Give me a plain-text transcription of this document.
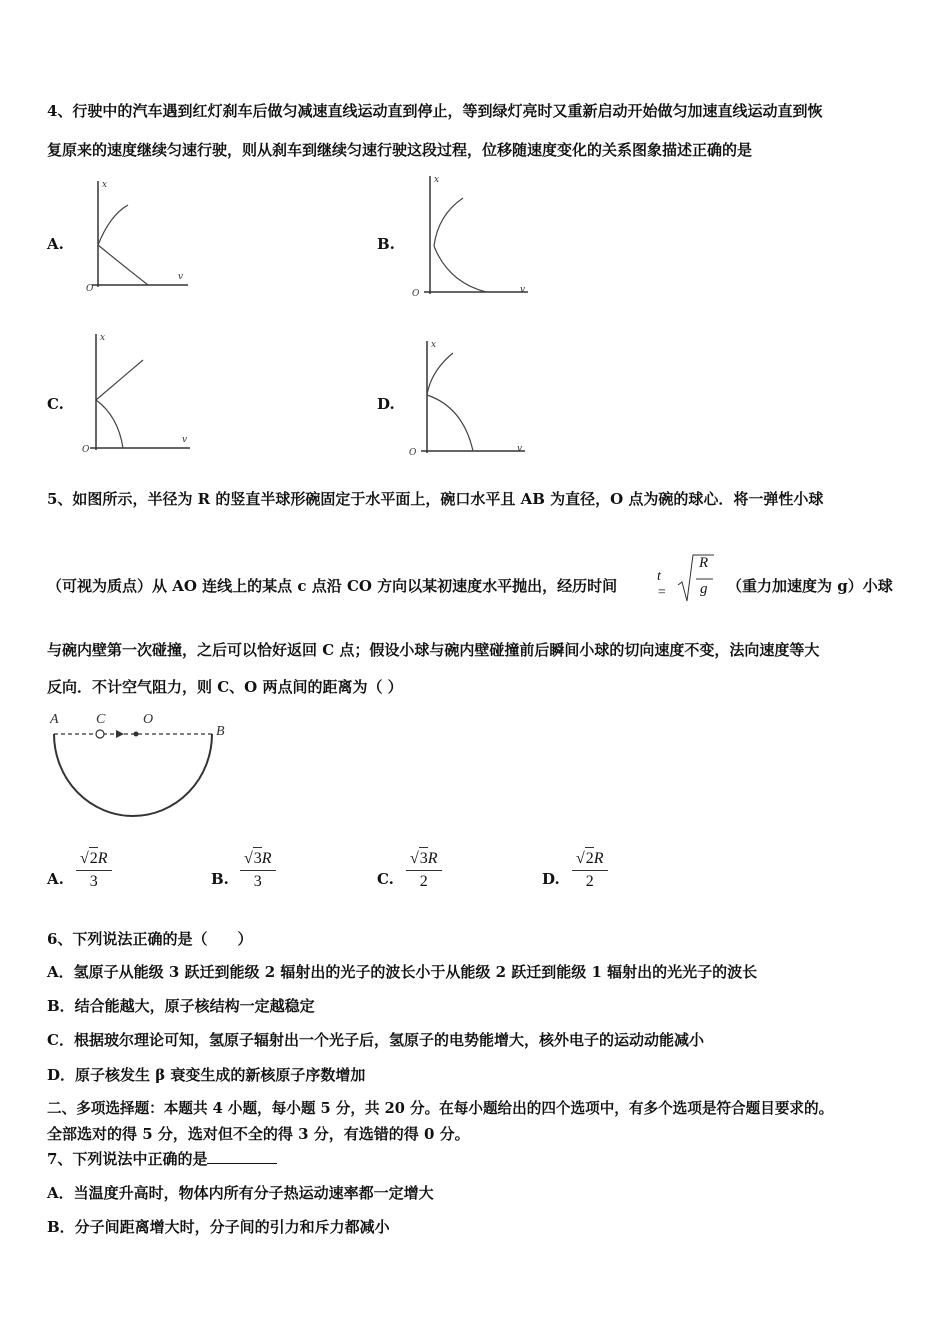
4、行驶中的汽车遇到红灯刹车后做匀减速直线运动直到停止，等到绿灯亮时又重新启动开始做匀加速直线运动直到恢
复原来的速度继续匀速行驶，则从刹车到继续匀速行驶这段过程，位移随速度变化的关系图象描述正确的是
A.
x
v
O
B.
x
v
O
C.
x
v
O
D.
x
v
O
5、如图所示，半径为 R 的竖直半球形碗固定于水平面上，碗口水平且 AB 为直径，O 点为碗的球心．将一弹性小球
（可视为质点）从 AO 连线上的某点 c 点沿 CO 方向以某初速度水平抛出，经历时间
t =
R
g （重力加速度为 g）小球
与碗内壁第一次碰撞，之后可以恰好返回 C 点；假设小球与碗内壁碰撞前后瞬间小球的切向速度不变，法向速度等大
反向．不计空气阻力，则 C、O 两点间的距离为（ ）
A	C	O
B
A. $\frac{√2R}{3}$	B. $\frac{√3R}{3}$	C. $\frac{√3R}{2}$	D. $\frac{√2R}{2}$
6、下列说法正确的是（　　）
A．氢原子从能级 3 跃迁到能级 2 辐射出的光子的波长小于从能级 2 跃迁到能级 1 辐射出的光光子的波长
B．结合能越大，原子核结构一定越稳定
C．根据玻尔理论可知，氢原子辐射出一个光子后，氢原子的电势能增大，核外电子的运动动能减小
D．原子核发生 β 衰变生成的新核原子序数增加
二、多项选择题：本题共 4 小题，每小题 5 分，共 20 分。在每小题给出的四个选项中，有多个选项是符合题目要求的。
全部选对的得 5 分，选对但不全的得 3 分，有选错的得 0 分。
7、下列说法中正确的是
A．当温度升高时，物体内所有分子热运动速率都一定增大
B．分子间距离增大时，分子间的引力和斥力都减小
